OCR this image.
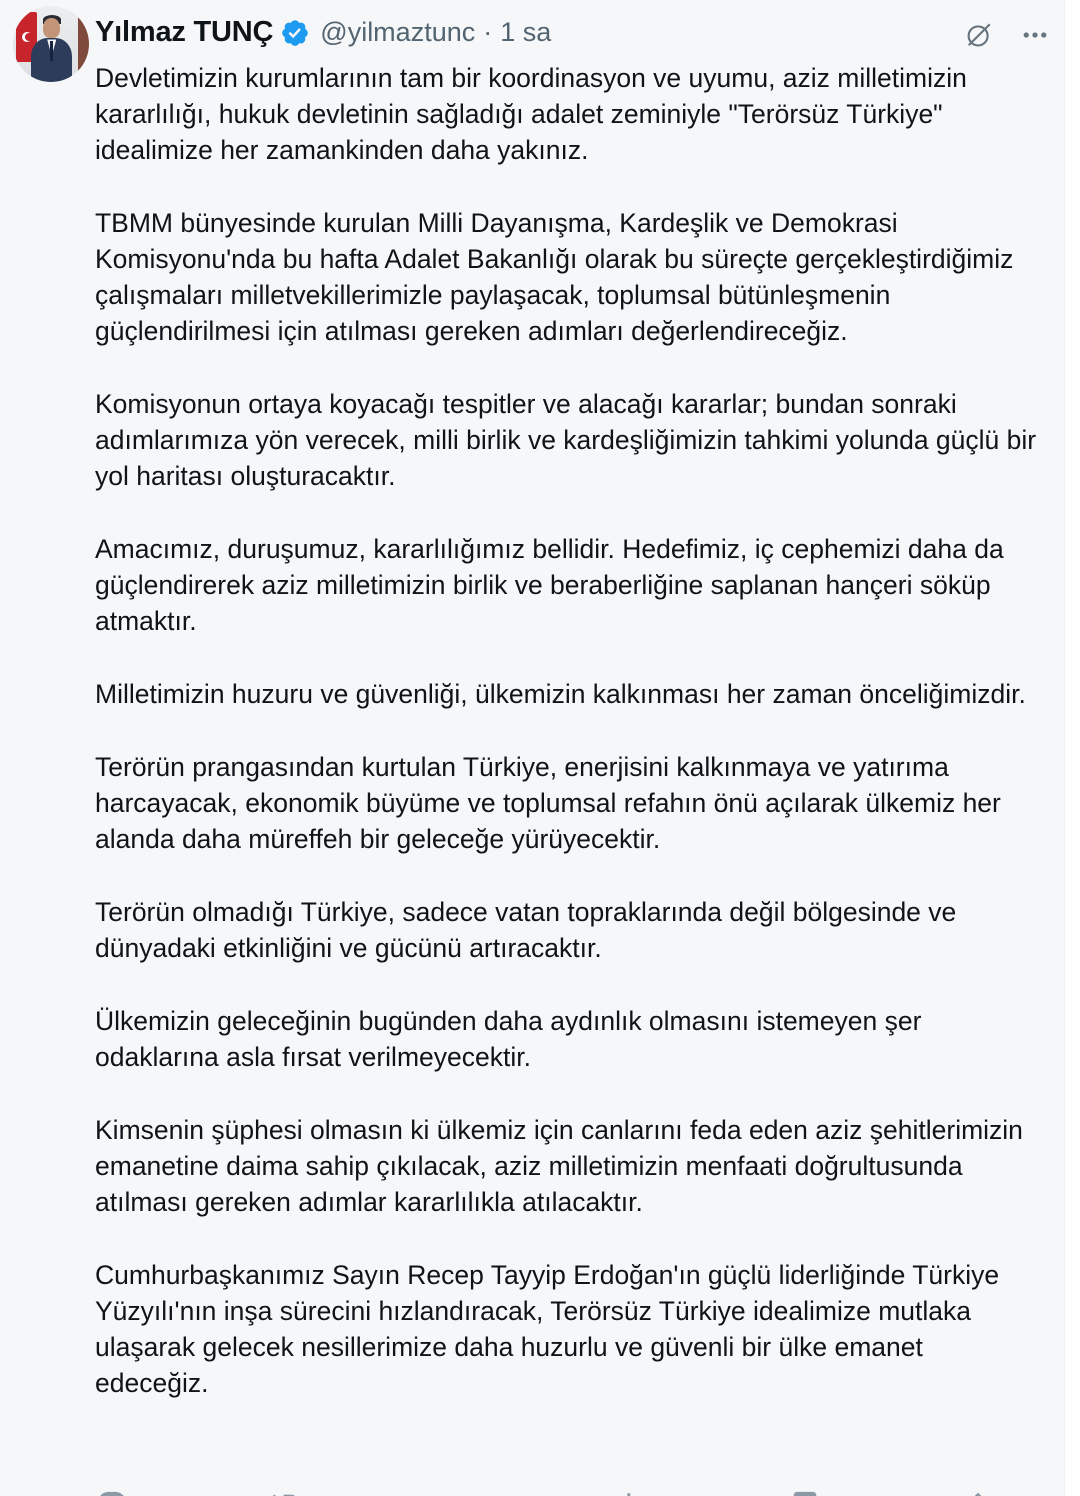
Yılmaz TUNÇ @yilmaztunc · 1 sa

Devletimizin kurumlarının tam bir koordinasyon ve uyumu, aziz milletimizin kararlılığı, hukuk devletinin sağladığı adalet zeminiyle "Terörsüz Türkiye" idealimize her zamankinden daha yakınız.

TBMM bünyesinde kurulan Milli Dayanışma, Kardeşlik ve Demokrasi Komisyonu'nda bu hafta Adalet Bakanlığı olarak bu süreçte gerçekleştirdiğimiz çalışmaları milletvekillerimizle paylaşacak, toplumsal bütünleşmenin güçlendirilmesi için atılması gereken adımları değerlendireceğiz.

Komisyonun ortaya koyacağı tespitler ve alacağı kararlar; bundan sonraki adımlarımıza yön verecek, milli birlik ve kardeşliğimizin tahkimi yolunda güçlü bir yol haritası oluşturacaktır.

Amacımız, duruşumuz, kararlılığımız bellidir. Hedefimiz, iç cephemizi daha da güçlendirerek aziz milletimizin birlik ve beraberliğine saplanan hançeri söküp atmaktır.

Milletimizin huzuru ve güvenliği, ülkemizin kalkınması her zaman önceliğimizdir.

Terörün prangasından kurtulan Türkiye, enerjisini kalkınmaya ve yatırıma harcayacak, ekonomik büyüme ve toplumsal refahın önü açılarak ülkemiz her alanda daha müreffeh bir geleceğe yürüyecektir.

Terörün olmadığı Türkiye, sadece vatan topraklarında değil bölgesinde ve dünyadaki etkinliğini ve gücünü artıracaktır.

Ülkemizin geleceğinin bugünden daha aydınlık olmasını istemeyen şer odaklarına asla fırsat verilmeyecektir.

Kimsenin şüphesi olmasın ki ülkemiz için canlarını feda eden aziz şehitlerimizin emanetine daima sahip çıkılacak, aziz milletimizin menfaati doğrultusunda atılması gereken adımlar kararlılıkla atılacaktır.

Cumhurbaşkanımız Sayın Recep Tayyip Erdoğan'ın güçlü liderliğinde Türkiye Yüzyılı'nın inşa sürecini hızlandıracak, Terörsüz Türkiye idealimize mutlaka ulaşarak gelecek nesillerimize daha huzurlu ve güvenli bir ülke emanet edeceğiz.
